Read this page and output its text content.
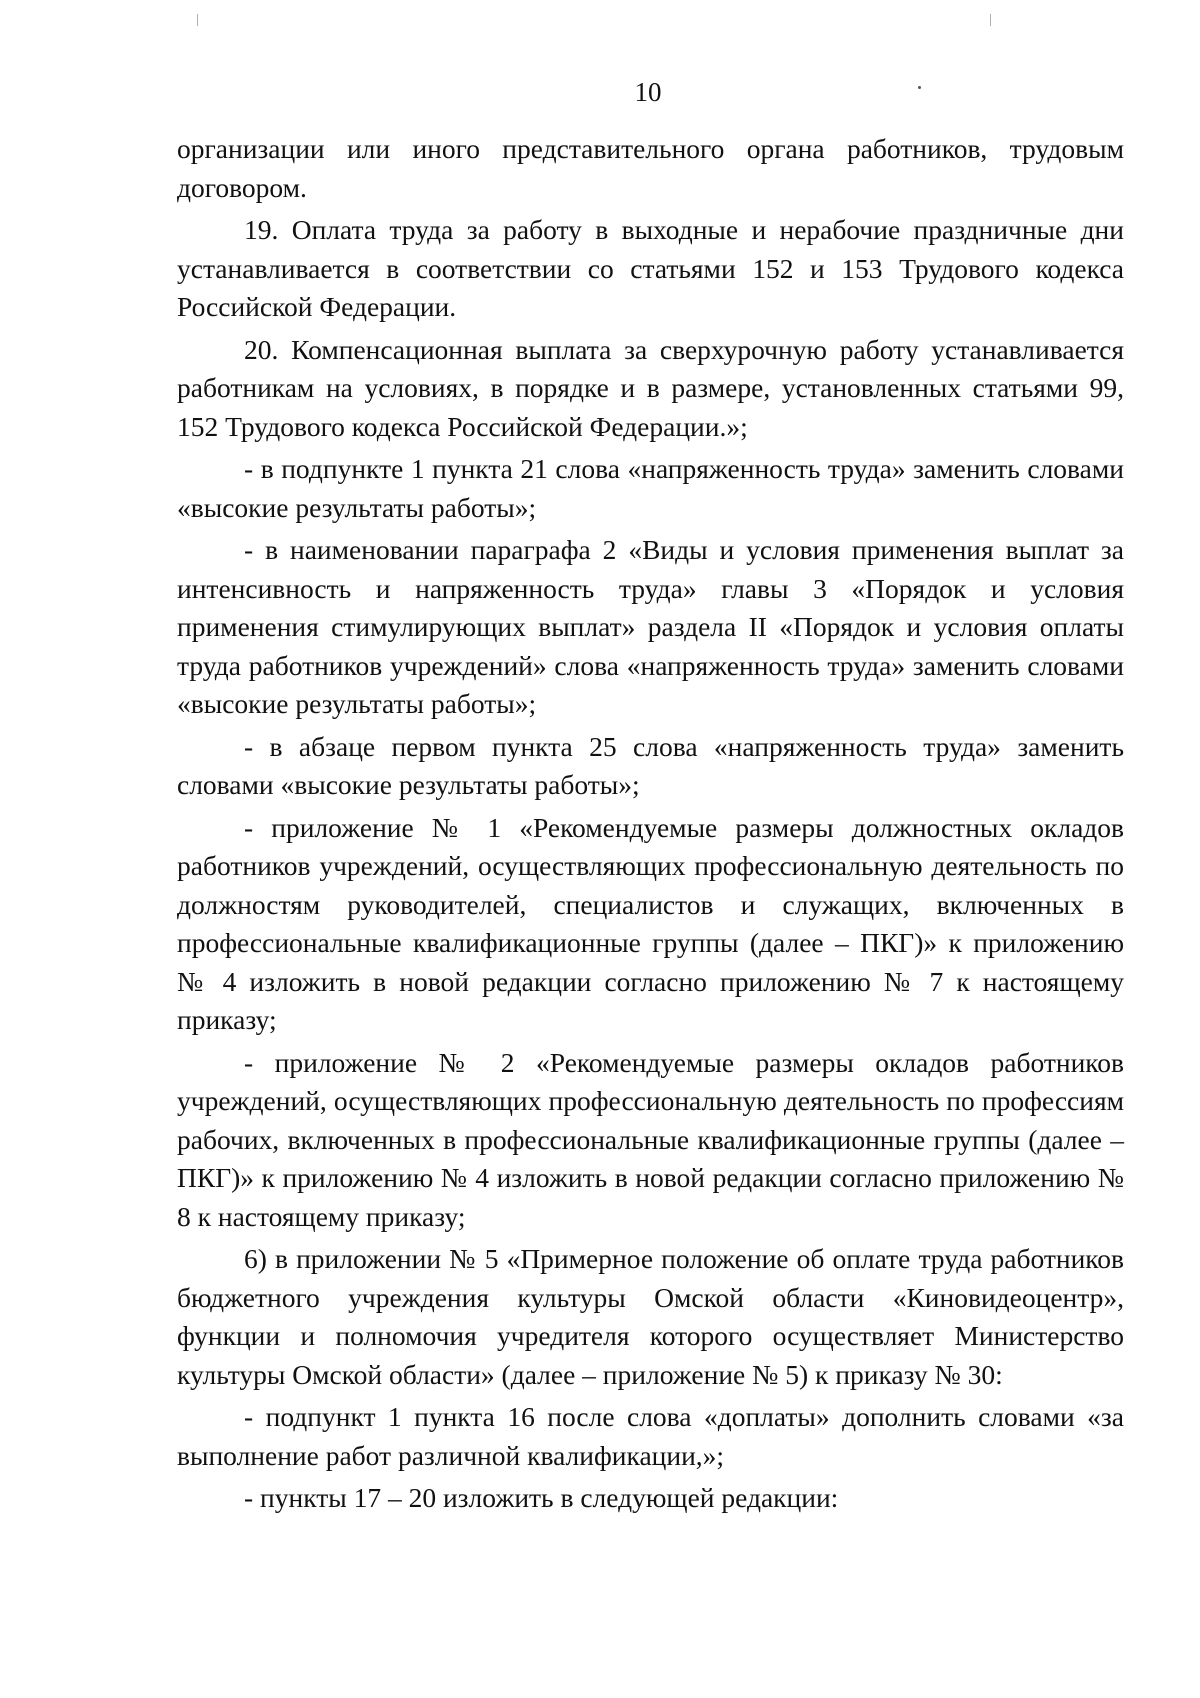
10

организации или иного представительного органа работников, трудовым договором.

19. Оплата труда за работу в выходные и нерабочие праздничные дни устанавливается в соответствии со статьями 152 и 153 Трудового кодекса Российской Федерации.

20. Компенсационная выплата за сверхурочную работу устанавливается работникам на условиях, в порядке и в размере, установленных статьями 99, 152 Трудового кодекса Российской Федерации.»;

- в подпункте 1 пункта 21 слова «напряженность труда» заменить словами «высокие результаты работы»;

- в наименовании параграфа 2 «Виды и условия применения выплат за интенсивность и напряженность труда» главы 3 «Порядок и условия применения стимулирующих выплат» раздела II «Порядок и условия оплаты труда работников учреждений» слова «напряженность труда» заменить словами «высокие результаты работы»;

- в абзаце первом пункта 25 слова «напряженность труда» заменить словами «высокие результаты работы»;

- приложение № 1 «Рекомендуемые размеры должностных окладов работников учреждений, осуществляющих профессиональную деятельность по должностям руководителей, специалистов и служащих, включенных в профессиональные квалификационные группы (далее – ПКГ)» к приложению № 4 изложить в новой редакции согласно приложению № 7 к настоящему приказу;

- приложение № 2 «Рекомендуемые размеры окладов работников учреждений, осуществляющих профессиональную деятельность по профессиям рабочих, включенных в профессиональные квалификационные группы (далее – ПКГ)» к приложению № 4 изложить в новой редакции согласно приложению № 8 к настоящему приказу;

6) в приложении № 5 «Примерное положение об оплате труда работников бюджетного учреждения культуры Омской области «Киновидеоцентр», функции и полномочия учредителя которого осуществляет Министерство культуры Омской области» (далее – приложение № 5) к приказу № 30:

- подпункт 1 пункта 16 после слова «доплаты» дополнить словами «за выполнение работ различной квалификации,»;

- пункты 17 – 20 изложить в следующей редакции:
